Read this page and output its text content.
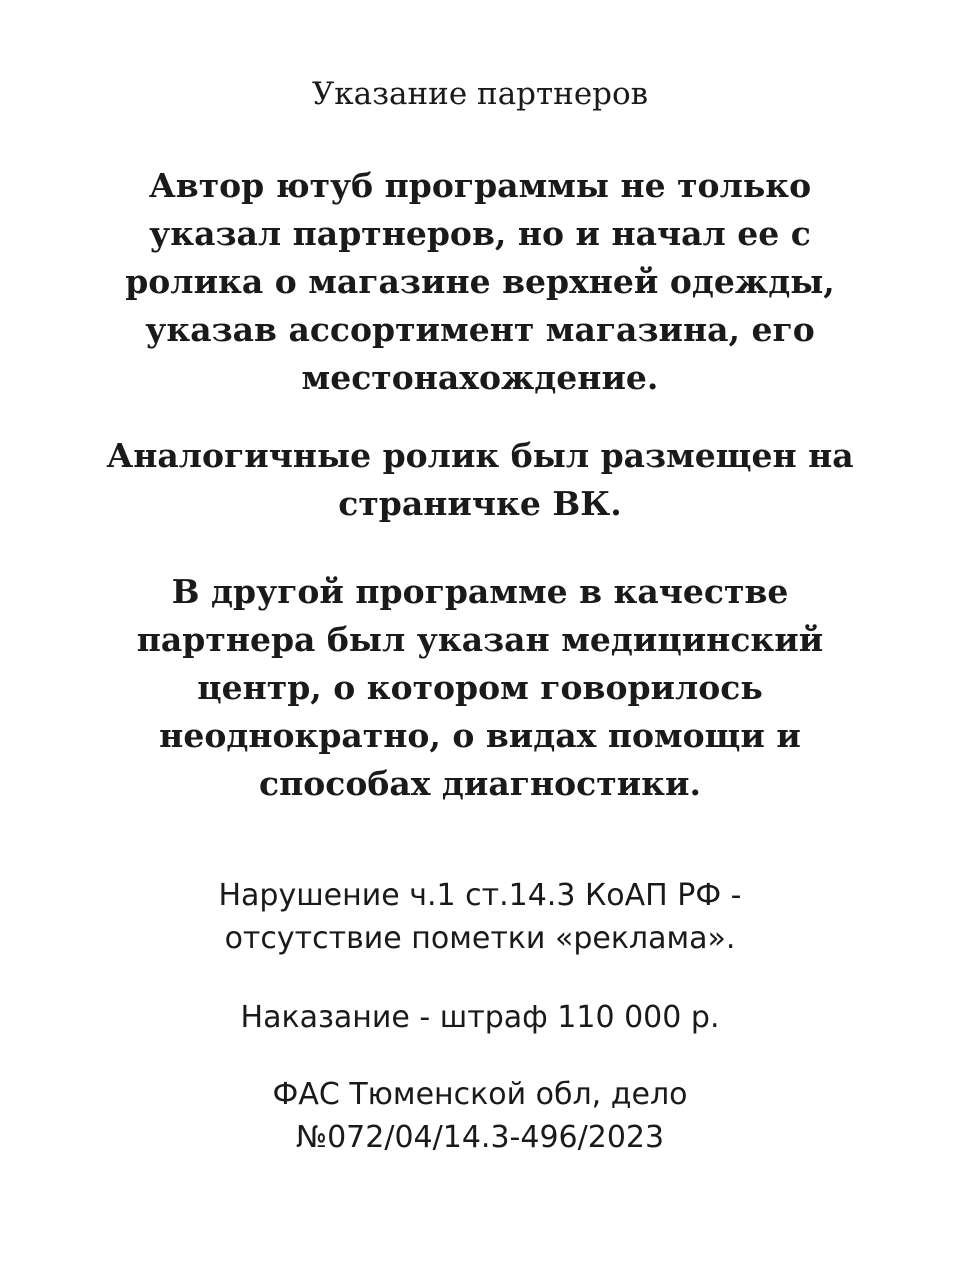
Указание партнеров

Автор ютуб программы не только
указал партнеров, но и начал ее с
ролика о магазине верхней одежды,
указав ассортимент магазина, его
местонахождение.

Аналогичные ролик был размещен на
страничке ВК.

В другой программе в качестве
партнера был указан медицинский
центр, о котором говорилось
неоднократно, о видах помощи и
способах диагностики.

Нарушение ч.1 ст.14.3 КоАП РФ -
отсутствие пометки «реклама».

Наказание - штраф 110 000 р.

ФАС Тюменской обл, дело
№072/04/14.3-496/2023
